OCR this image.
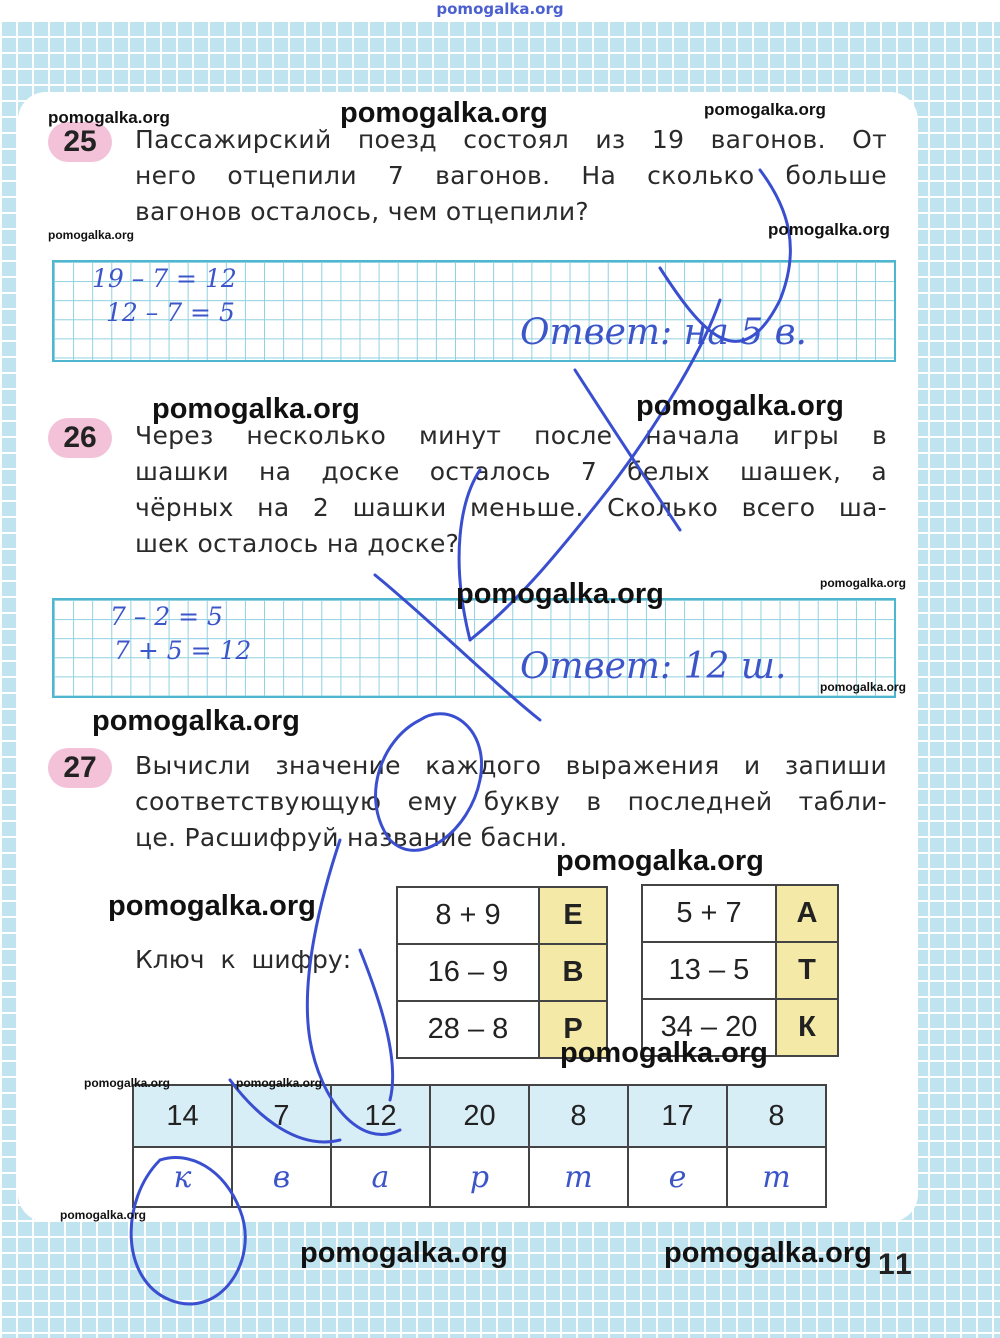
pomogalka.org
25	Пассажирский поезд состоял из 19 вагонов. От
него отцепили 7 вагонов. На сколько больше
вагонов осталось, чем отцепили?
19 – 7 = 12
12 – 7 = 5	Ответ: на 5 в.
26	Через несколько минут после начала игры в
шашки на доске осталось 7 белых шашек, а
чёрных на 2 шашки меньше. Сколько всего ша-
шек осталось на доске?
7 – 2 = 5
7 + 5 = 12	Ответ: 12 ш.
27	Вычисли значение каждого выражения и запиши
соответствующую ему букву в последней табли-
це. Расшифруй название басни.
Ключ к шифру:
8 + 9	Е
16 – 9	В
28 – 8	Р
5 + 7	А
13 – 5	Т
34 – 20	К
14	7	12	20	8	17	8
к	в	а	р	т	е	т
11
pomogalka.org
pomogalka.org	pomogalka.org
pomogalka.org	pomogalka.org
pomogalka.org	pomogalka.org
pomogalka.org
pomogalka.org
pomogalka.org
pomogalka.org
pomogalka.org
pomogalka.org
pomogalka.org
pomogalka.org	pomogalka.org
pomogalka.org
pomogalka.org	pomogalka.org
